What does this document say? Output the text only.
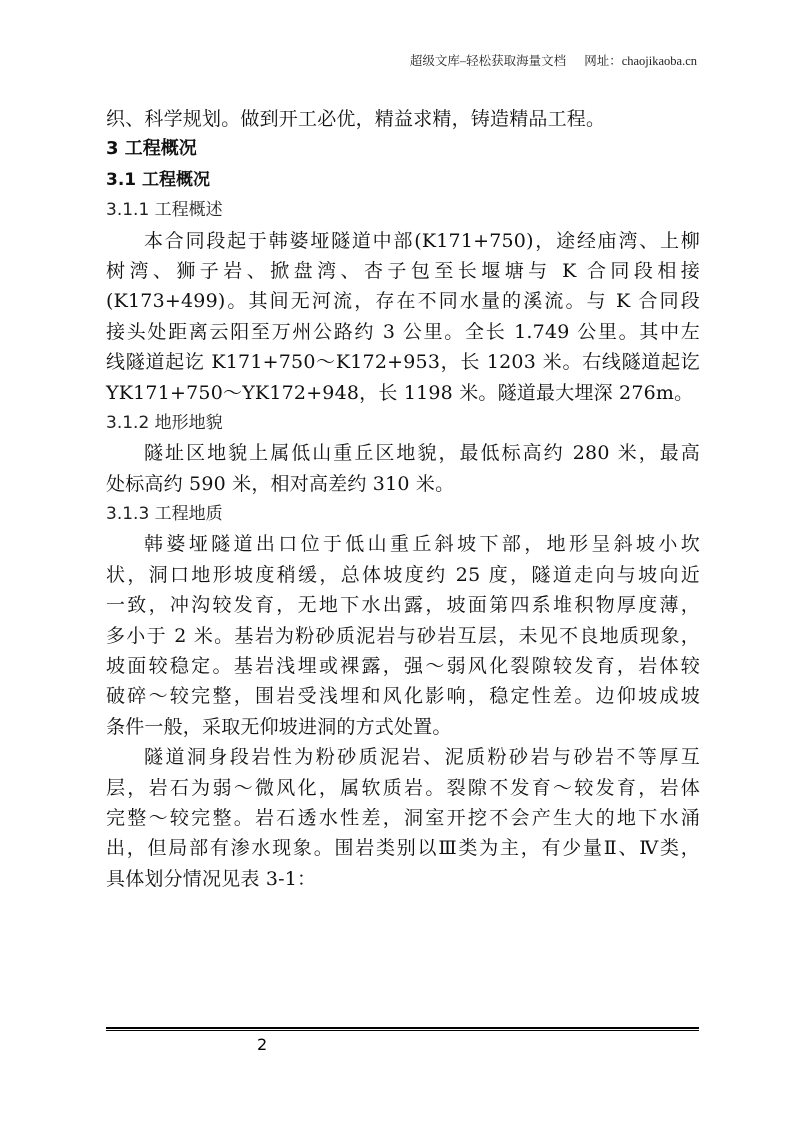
超级文库–轻松获取海量文档 网址：chaojikaoba.cn
织、科学规划。做到开工必优，精益求精，铸造精品工程。
3 工程概况
3.1 工程概况
3.1.1 工程概述
本合同段起于韩婆垭隧道中部(K171+750)，途经庙湾、上柳
树湾、狮子岩、掀盘湾、杏子包至长堰塘与 K 合同段相接
(K173+499)。其间无河流，存在不同水量的溪流。与 K 合同段
接头处距离云阳至万州公路约 3 公里。全长 1.749 公里。其中左
线隧道起讫 K171+750～K172+953，长 1203 米。右线隧道起讫
YK171+750～YK172+948，长 1198 米。隧道最大埋深 276m。
3.1.2 地形地貌
隧址区地貌上属低山重丘区地貌，最低标高约 280 米，最高
处标高约 590 米，相对高差约 310 米。
3.1.3 工程地质
韩婆垭隧道出口位于低山重丘斜坡下部，地形呈斜坡小坎
状，洞口地形坡度稍缓，总体坡度约 25 度，隧道走向与坡向近
一致，冲沟较发育，无地下水出露，坡面第四系堆积物厚度薄，
多小于 2 米。基岩为粉砂质泥岩与砂岩互层，未见不良地质现象，
坡面较稳定。基岩浅埋或裸露，强～弱风化裂隙较发育，岩体较
破碎～较完整，围岩受浅埋和风化影响，稳定性差。边仰坡成坡
条件一般，采取无仰坡进洞的方式处置。
隧道洞身段岩性为粉砂质泥岩、泥质粉砂岩与砂岩不等厚互
层，岩石为弱～微风化，属软质岩。裂隙不发育～较发育，岩体
完整～较完整。岩石透水性差，洞室开挖不会产生大的地下水涌
出，但局部有渗水现象。围岩类别以Ⅲ类为主，有少量Ⅱ、Ⅳ类，
具体划分情况见表 3-1：
2
